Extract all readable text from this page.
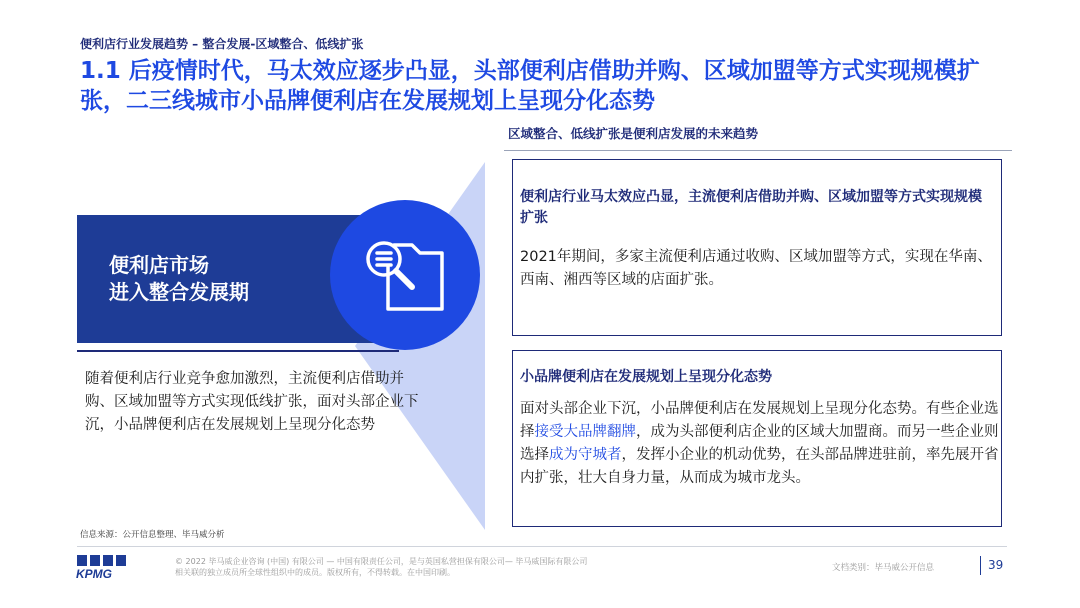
便利店行业发展趋势 – 整合发展-区域整合、低线扩张
1.1 后疫情时代，马太效应逐步凸显，头部便利店借助并购、区域加盟等方式实现规模扩张，二三线城市小品牌便利店在发展规划上呈现分化态势
区域整合、低线扩张是便利店发展的未来趋势
便利店市场
进入整合发展期
随着便利店行业竞争愈加激烈，主流便利店借助并购、区域加盟等方式实现低线扩张，面对头部企业下沉，小品牌便利店在发展规划上呈现分化态势
便利店行业马太效应凸显，主流便利店借助并购、区域加盟等方式实现规模扩张
2021年期间，多家主流便利店通过收购、区域加盟等方式，实现在华南、西南、湘西等区域的店面扩张。
小品牌便利店在发展规划上呈现分化态势
面对头部企业下沉，小品牌便利店在发展规划上呈现分化态势。有些企业选择接受大品牌翻牌，成为头部便利店企业的区域大加盟商。而另一些企业则选择成为守城者，发挥小企业的机动优势，在头部品牌进驻前，率先展开省内扩张，壮大自身力量，从而成为城市龙头。
信息来源：公开信息整理、毕马威分析
KPMG
© 2022 毕马威企业咨询 (中国) 有限公司 — 中国有限责任公司，是与英国私营担保有限公司— 毕马威国际有限公司
相关联的独立成员所全球性组织中的成员。版权所有，不得转载。在中国印刷。	文档类别：毕马威公开信息	39
